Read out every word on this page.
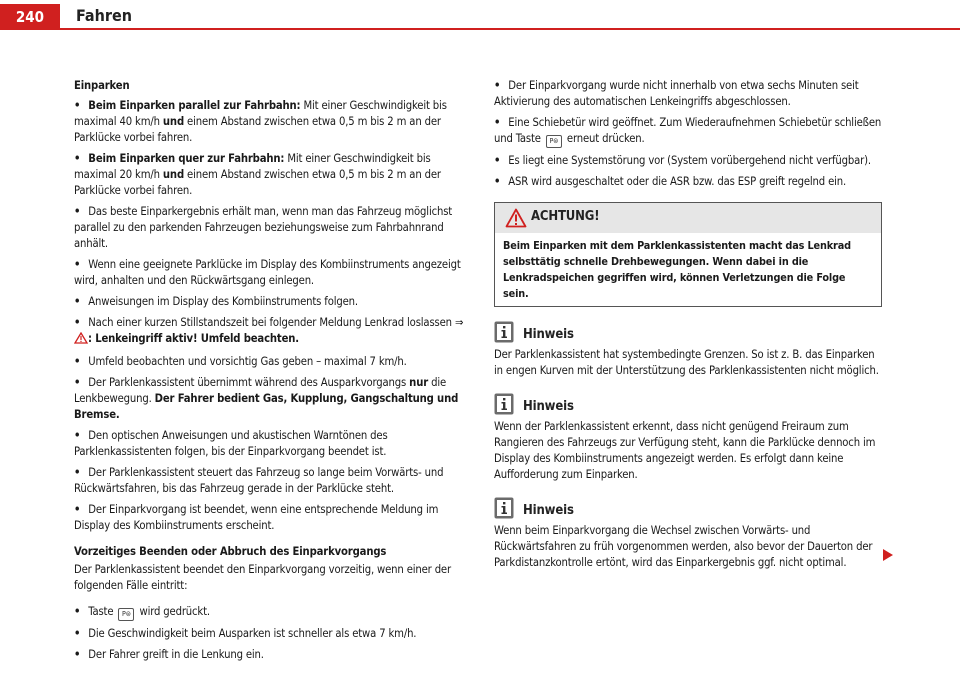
240	Fahren

Einparken

• Beim Einparken parallel zur Fahrbahn: Mit einer Geschwindigkeit bis maximal 40 km/h und einem Abstand zwischen etwa 0,5 m bis 2 m an der Parklücke vorbei fahren.

• Beim Einparken quer zur Fahrbahn: Mit einer Geschwindigkeit bis maximal 20 km/h und einem Abstand zwischen etwa 0,5 m bis 2 m an der Parklücke vorbei fahren.

• Das beste Einparkergebnis erhält man, wenn man das Fahrzeug möglichst parallel zu den parkenden Fahrzeugen beziehungsweise zum Fahrbahnrand anhält.

• Wenn eine geeignete Parklücke im Display des Kombiinstruments angezeigt wird, anhalten und den Rückwärtsgang einlegen.

• Anweisungen im Display des Kombiinstruments folgen.

• Nach einer kurzen Stillstandszeit bei folgender Meldung Lenkrad loslassen ⇒ : Lenkeingriff aktiv! Umfeld beachten.

• Umfeld beobachten und vorsichtig Gas geben – maximal 7 km/h.

• Der Parklenkassistent übernimmt während des Ausparkvorgangs nur die Lenkbewegung. Der Fahrer bedient Gas, Kupplung, Gangschaltung und Bremse.

• Den optischen Anweisungen und akustischen Warntönen des Parklenkassistenten folgen, bis der Einparkvorgang beendet ist.

• Der Parklenkassistent steuert das Fahrzeug so lange beim Vorwärts- und Rückwärtsfahren, bis das Fahrzeug gerade in der Parklücke steht.

• Der Einparkvorgang ist beendet, wenn eine entsprechende Meldung im Display des Kombiinstruments erscheint.

Vorzeitiges Beenden oder Abbruch des Einparkvorgangs

Der Parklenkassistent beendet den Einparkvorgang vorzeitig, wenn einer der folgenden Fälle eintritt:

• Taste P⊜ wird gedrückt.

• Die Geschwindigkeit beim Ausparken ist schneller als etwa 7 km/h.

• Der Fahrer greift in die Lenkung ein.

• Der Einparkvorgang wurde nicht innerhalb von etwa sechs Minuten seit Aktivierung des automatischen Lenkeingriffs abgeschlossen.

• Eine Schiebetür wird geöffnet. Zum Wiederaufnehmen Schiebetür schließen und Taste P⊜ erneut drücken.

• Es liegt eine Systemstörung vor (System vorübergehend nicht verfügbar).

• ASR wird ausgeschaltet oder die ASR bzw. das ESP greift regelnd ein.

ACHTUNG!
Beim Einparken mit dem Parklenkassistenten macht das Lenkrad selbsttätig schnelle Drehbewegungen. Wenn dabei in die Lenkradspeichen gegriffen wird, können Verletzungen die Folge sein.
Hinweis

Der Parklenkassistent hat systembedingte Grenzen. So ist z. B. das Einparken in engen Kurven mit der Unterstützung des Parklenkassistenten nicht möglich.

Hinweis

Wenn der Parklenkassistent erkennt, dass nicht genügend Freiraum zum Rangieren des Fahrzeugs zur Verfügung steht, kann die Parklücke dennoch im Display des Kombiinstruments angezeigt werden. Es erfolgt dann keine Aufforderung zum Einparken.

Hinweis

Wenn beim Einparkvorgang die Wechsel zwischen Vorwärts- und Rückwärtsfahren zu früh vorgenommen werden, also bevor der Dauerton der Parkdistanzkontrolle ertönt, wird das Einparkergebnis ggf. nicht optimal.
